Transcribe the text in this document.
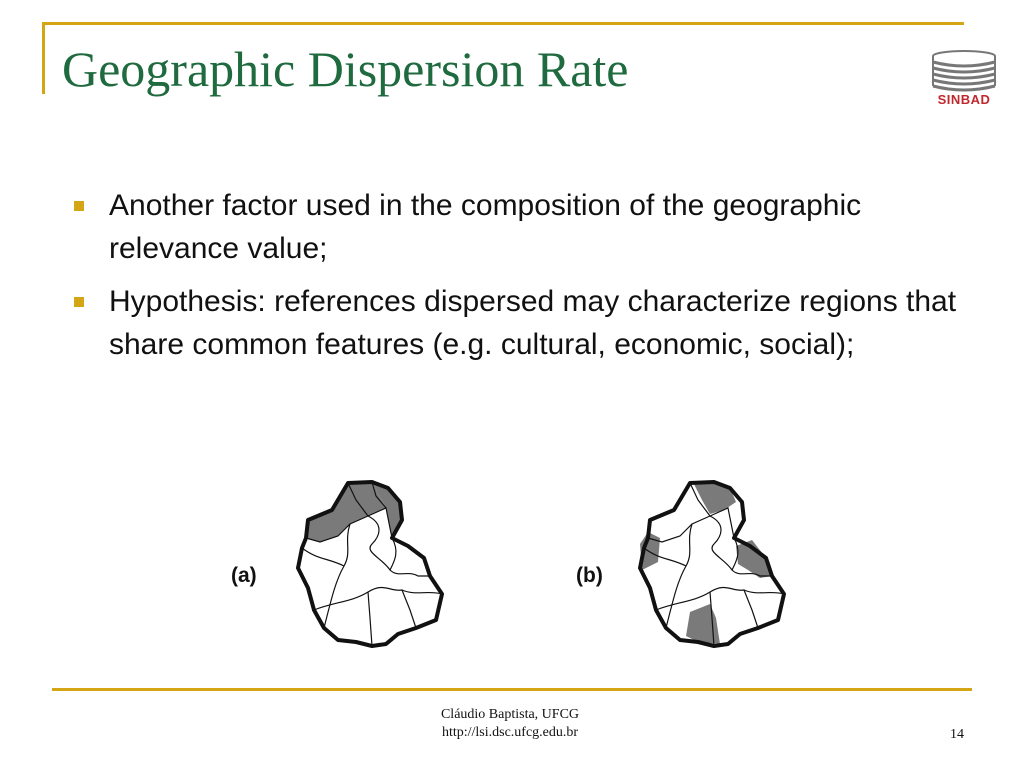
Geographic Dispersion Rate
SINBAD
Another factor used in the composition of the geographic relevance value;
Hypothesis: references dispersed may characterize regions that share common features (e.g. cultural, economic, social);
(a)	(b)
Cláudio Baptista, UFCG
http://lsi.dsc.ufcg.edu.br	14
